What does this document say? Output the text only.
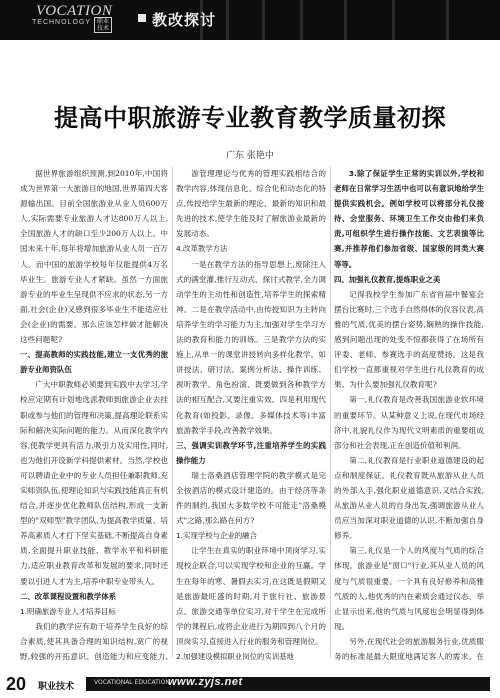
VOCATION
TECHNOLOGY 职业技术	教改探讨
提高中职旅游专业教育教学质量初探
广东 张艳中

据世界旅游组织预测,到2010年,中国将成为世界第一大旅游目的地国,世界第四大客源输出国。目前全国旅游业从业人员600万人,实际需要专业旅游人才达800万人以上,全国旅游人才的缺口至少200万人以上。中国未来十年,每年将增加旅游从业人员一百万人。而中国的旅游学校每年仅能提供4万名毕业生。旅游专业人才紧缺。虽然一方面旅游专业的毕业生呈现供不应求的状态,另一方面,社会(企业)又感到很多毕业生不能适应社会(企业)的需要。那么应该怎样做才能解决这些问题呢?

一、提高教师的实践技能,建立一支优秀的旅游专业师资队伍

广大中职教师必须要到实践中去学习,学校应定期有计划地选派教师到旅游企业去挂职或参与他们的管理和决策,提高理论联系实际和解决实际问题的能力。从而深化教学内容,使教学更具有活力,吸引力及实用性,同时,也为他们开设新学科提供素材。当然,学校也可以聘请企业中的专业人员担任兼职教师,充实师资队伍,使理论知识与实践技能真正有机结合,并逐步优化教师队伍结构,形成一支新型的"双师型"教学团队,为提高教学质量、培养高素质人才打下坚实基础,不断提高自身素质,全面提升职业技能、教学水平和科研能力,适应职业教育改革和发展的要求,同时还要以引进人才为主,培养中职专业带头人。

二、改革课程设置和教学体系

1.明确旅游专业人才培养目标

我们的教学应有助于培养学生良好的综合素质,使其具备合理的知识结构,宽广的视野,较强的开拓意识、创造能力和应变能力,

游管理理论与优秀的管理实践相结合的教学内容,体现信息化、综合化和动态化的特点,传授给学生最新的理论、最新的知识和最先进的技术,使学生能及时了解旅游业最新的发展动态。

4.改革教学方法

一是在教学方法的指导思想上,废除注入式的满堂灌,推行互动式、探讨式教学,全力调动学生的主动性和创造性,培养学生的探索精神。二是在教学活动中,由传授知识为主转向培养学生的学习能力为主,加强对学生学习方法的教育和能力的训练。三是教学方法的实施上,从单一的课堂讲授转向多样化教学。如讲授法、研讨法、案例分析法、操作训练、视听教学、角色扮演、既要做到各种教学方法的相互配合,又要注重实效。四是利用现代化教育(如投影、录像、多媒体技术等)丰富旅游教学手段,改善教学效果。

三、强调实训教学环节,注重培养学生的实践操作能力

瑞士洛桑酒店管理学院的教学模式是完全按酒店的模式设计建造的。由于经济等条件的制约,我国大多数学校不可能走"洛桑模式"之路,那么路在何方?

1.实现学校与企业的融合

让学生在真实的职业环境中顶岗学习,实现校企联合,可以实现学校和企业的互赢。学生在每年的寒、暑假去实习,在这既是假期又是旅游最旺盛的时期,对于旅行社、旅游景点、旅游交通等单位实习,对于学生在完成所学的课程后,或将企业进行为期四到八个月的顶岗实习,直接进入行业的服务和管理岗位。

2.加强建设模拟职业岗位的实训基地

3.除了保证学生正常的实训以外,学校和老师在日常学习生活中也可以有意识地给学生提供实践机会。例如学校可以将部分礼仪接待、会堂服务、环境卫生工作交由他们来负责,可组织学生进行操作技能、文艺表演等比赛,并推荐他们参加省级、国家级的同类大赛等等。

四、加强礼仪教育,提炼职业之美

记得我校学生参加广东省首届中餐宴会摆台比赛时,三个选手自然得体的仪容仪表,高雅的气质,优美的摆台姿势,娴熟的操作技能,感到问题出现的处变不惊都获得了在场所有评委、老师、参赛选手的高度赞扬。这是我们学校一直都重视对学生进行礼仪教育的成果。为什么要加强礼仪教育呢?

第一,礼仪教育是改善我国旅游业软环境的重要环节。从某种意义上说,在现代市场经济中,礼貌礼仪作为现代文明素质的重要组成部分和社会表现,正在创造价值和利润。

第二,礼仪教育是行业职业道德建设的起点和制度保证。礼仪教育既从旅游从业人员的外部入手,强化职业道德意识,又结合实践,从旅游从业人员的自身出发,强调旅游从业人员应当加深对职业道德的认识,不断加强自身修养。

第三,礼仪是一个人的风度与气质的综合体现。旅游业是"窗口"行业,其从业人员的风度与气质很重要。一个具有良好修养和高雅气质的人,他优秀的内在素质会通过仪态、举止显示出来,他的气质与风度也会明显得到体现。

另外,在现代社会的旅游服务行业,优质服务的标准是最大限度地满足客人的需求。在

20 职业技术	VOCATIONAL EDUCATION
www.zyjs.net
